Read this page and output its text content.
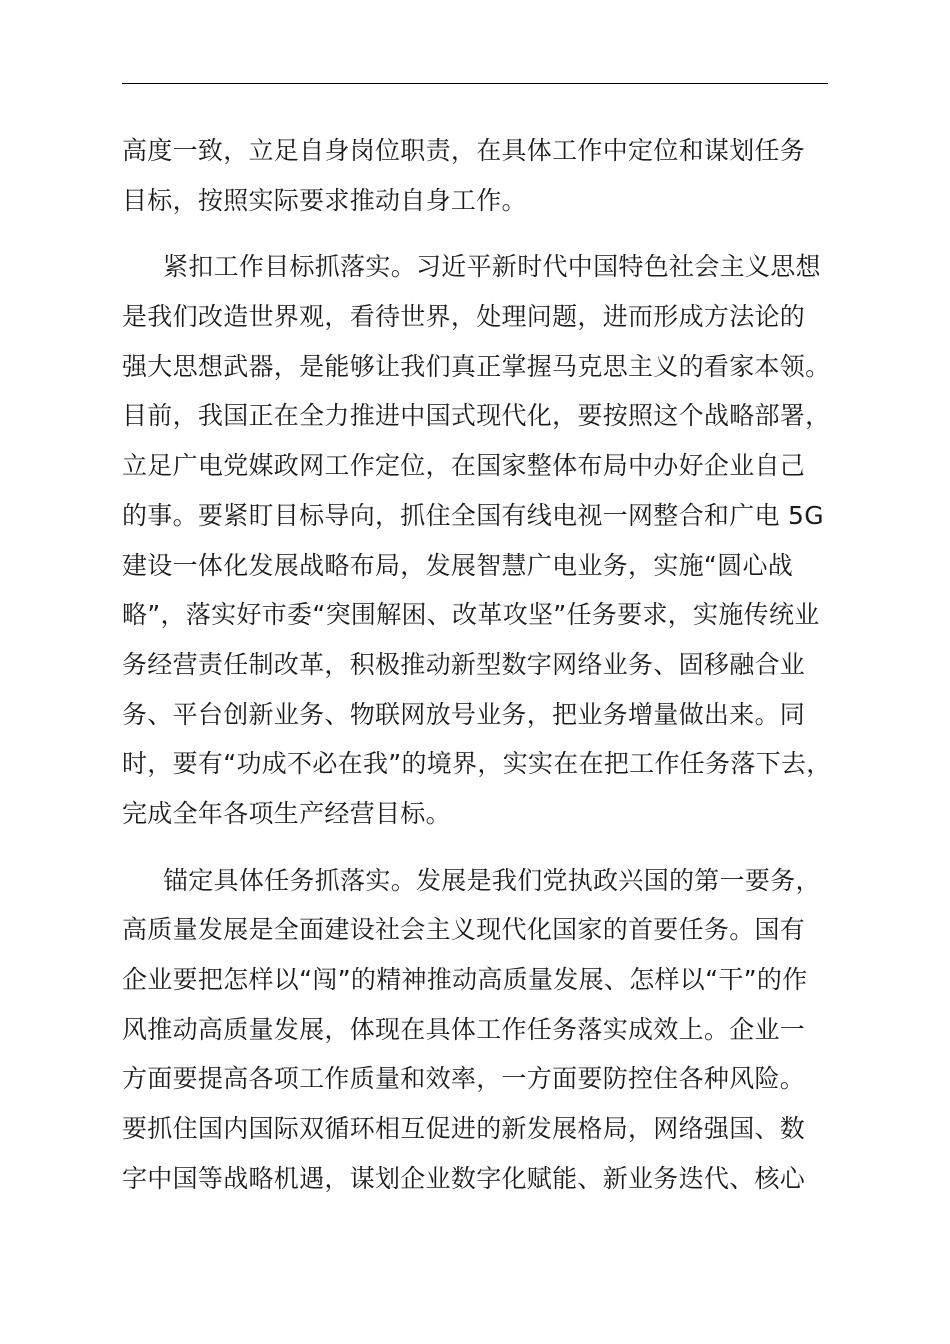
高度一致，立足自身岗位职责，在具体工作中定位和谋划任务
目标，按照实际要求推动自身工作。
紧扣工作目标抓落实。习近平新时代中国特色社会主义思想
是我们改造世界观，看待世界，处理问题，进而形成方法论的
强大思想武器，是能够让我们真正掌握马克思主义的看家本领。
目前，我国正在全力推进中国式现代化，要按照这个战略部署，
立足广电党媒政网工作定位，在国家整体布局中办好企业自己
的事。要紧盯目标导向，抓住全国有线电视一网整合和广电 5G
建设一体化发展战略布局，发展智慧广电业务，实施“圆心战
略”，落实好市委“突围解困、改革攻坚”任务要求，实施传统业
务经营责任制改革，积极推动新型数字网络业务、固移融合业
务、平台创新业务、物联网放号业务，把业务增量做出来。同
时，要有“功成不必在我”的境界，实实在在把工作任务落下去，
完成全年各项生产经营目标。
锚定具体任务抓落实。发展是我们党执政兴国的第一要务，
高质量发展是全面建设社会主义现代化国家的首要任务。国有
企业要把怎样以“闯”的精神推动高质量发展、怎样以“干”的作
风推动高质量发展，体现在具体工作任务落实成效上。企业一
方面要提高各项工作质量和效率，一方面要防控住各种风险。
要抓住国内国际双循环相互促进的新发展格局，网络强国、数
字中国等战略机遇，谋划企业数字化赋能、新业务迭代、核心
